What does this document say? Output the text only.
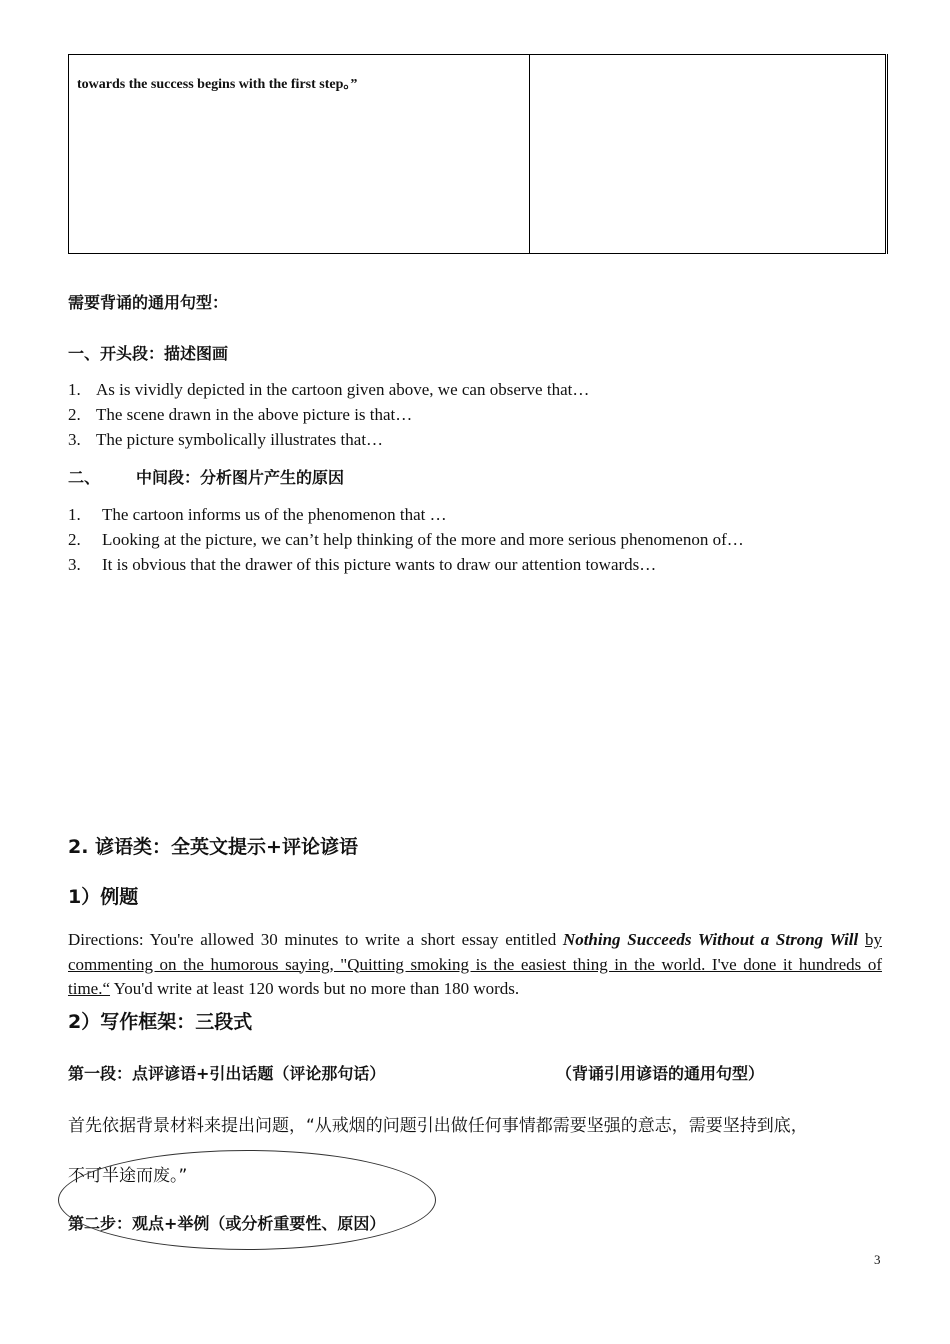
towards the success begins with the first step。”

需要背诵的通用句型：
一、开头段：描述图画
1. As is vividly depicted in the cartoon given above, we can observe that…
2. The scene drawn in the above picture is that…
3. The picture symbolically illustrates that…
二、 中间段：分析图片产生的原因
1. The cartoon informs us of the phenomenon that …
2. Looking at the picture, we can’t help thinking of the more and more serious phenomenon of…
3. It is obvious that the drawer of this picture wants to draw our attention towards…
2. 谚语类：全英文提示+评论谚语
1）例题
Directions: You're allowed 30 minutes to write a short essay entitled Nothing Succeeds Without a Strong Will by commenting on the humorous saying, "Quitting smoking is the easiest thing in the world. I've done it hundreds of time.“ You'd write at least 120 words but no more than 180 words.
2）写作框架：三段式
第一段：点评谚语+引出话题（评论那句话）	（背诵引用谚语的通用句型）
首先依据背景材料来提出问题，“从戒烟的问题引出做任何事情都需要坚强的意志，需要坚持到底，
不可半途而废。”
第二步：观点+举例（或分析重要性、原因）
3
